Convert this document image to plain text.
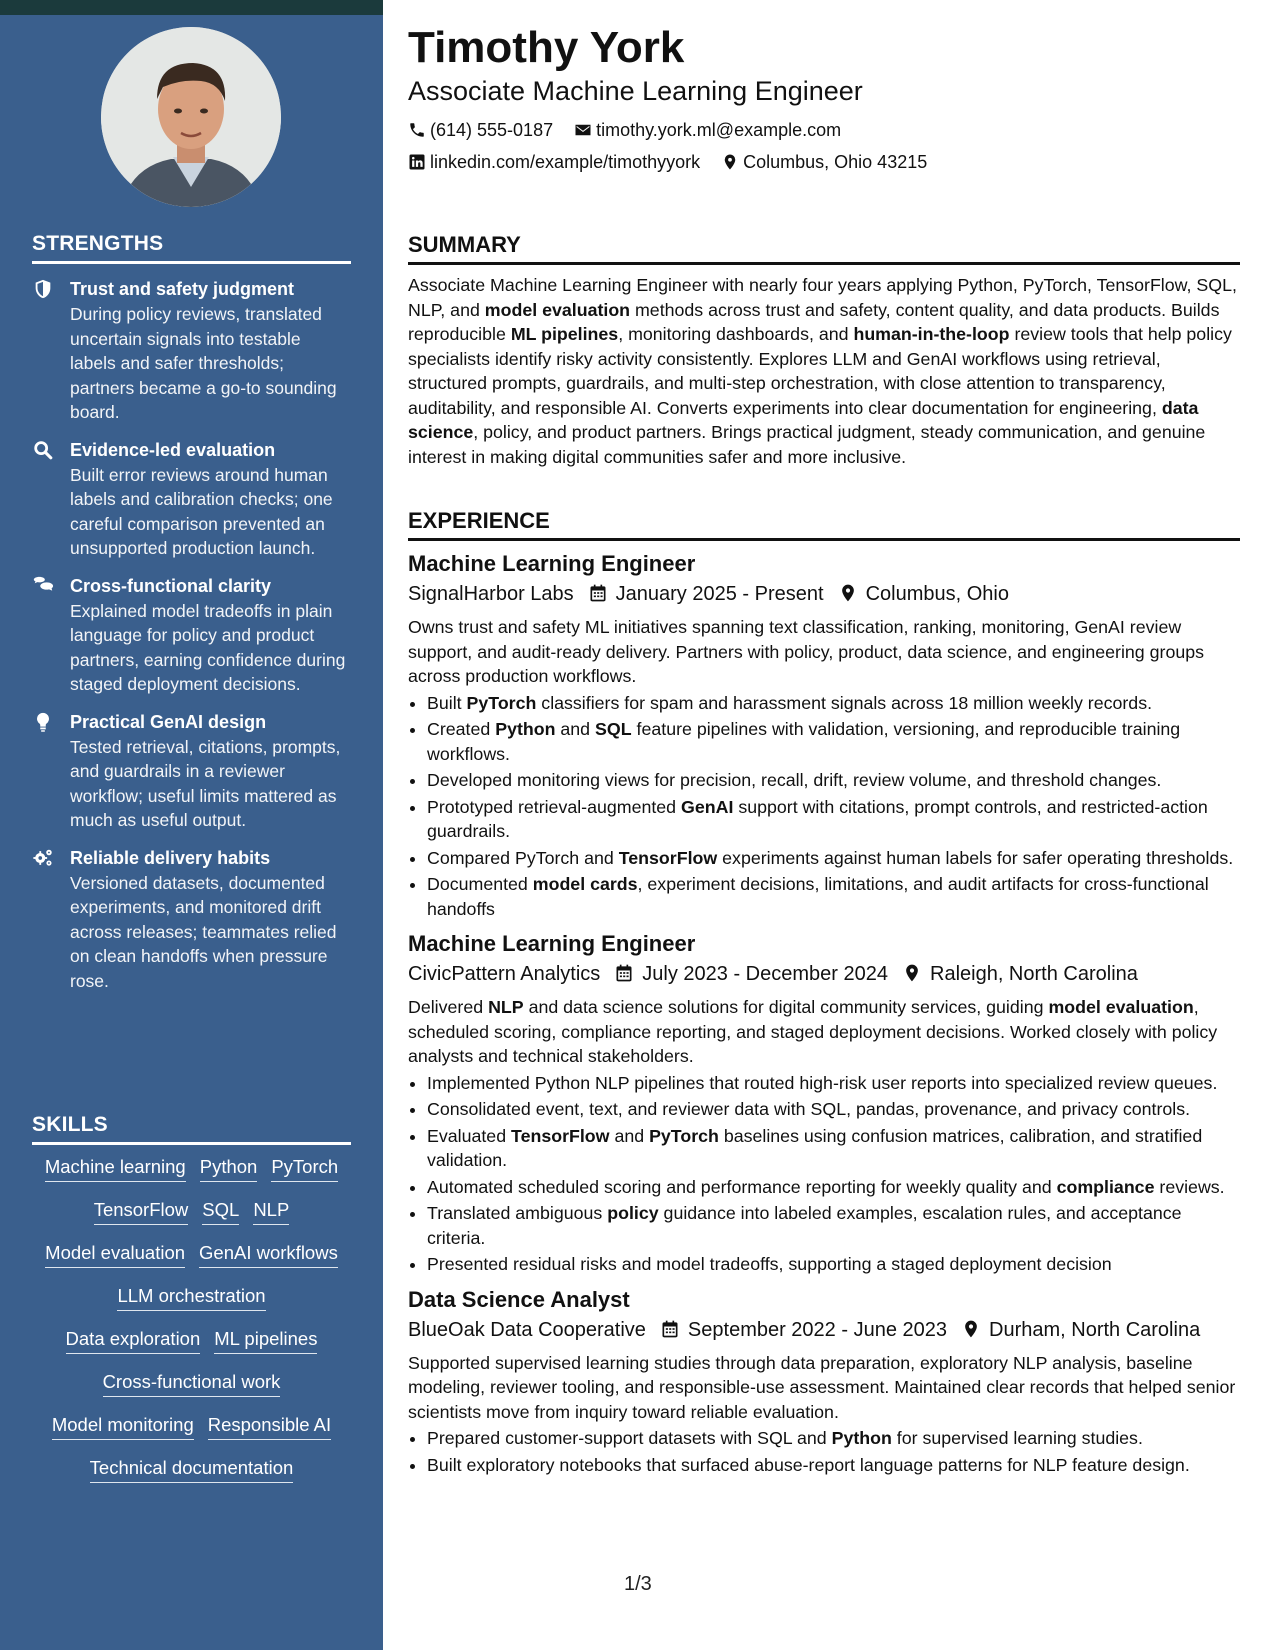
STRENGTHS
Trust and safety judgment
During policy reviews, translated uncertain signals into testable labels and safer thresholds; partners became a go-to sounding board.
Evidence-led evaluation
Built error reviews around human labels and calibration checks; one careful comparison prevented an unsupported production launch.
Cross-functional clarity
Explained model tradeoffs in plain language for policy and product partners, earning confidence during staged deployment decisions.
Practical GenAI design
Tested retrieval, citations, prompts, and guardrails in a reviewer workflow; useful limits mattered as much as useful output.
Reliable delivery habits
Versioned datasets, documented experiments, and monitored drift across releases; teammates relied on clean handoffs when pressure rose.
SKILLS
Machine learning Python PyTorch
TensorFlow SQL NLP
Model evaluation GenAI workflows
LLM orchestration
Data exploration ML pipelines
Cross-functional work
Model monitoring Responsible AI
Technical documentation
Timothy York
Associate Machine Learning Engineer
(614) 555-0187 timothy.york.ml@example.com
linkedin.com/example/timothyyork Columbus, Ohio 43215
SUMMARY
Associate Machine Learning Engineer with nearly four years applying Python, PyTorch, TensorFlow, SQL, NLP, and model evaluation methods across trust and safety, content quality, and data products. Builds reproducible ML pipelines, monitoring dashboards, and human-in-the-loop review tools that help policy specialists identify risky activity consistently. Explores LLM and GenAI workflows using retrieval, structured prompts, guardrails, and multi-step orchestration, with close attention to transparency, auditability, and responsible AI. Converts experiments into clear documentation for engineering, data science, policy, and product partners. Brings practical judgment, steady communication, and genuine interest in making digital communities safer and more inclusive.
EXPERIENCE
Machine Learning Engineer
SignalHarbor Labs January 2025 - Present Columbus, Ohio
Owns trust and safety ML initiatives spanning text classification, ranking, monitoring, GenAI review support, and audit-ready delivery. Partners with policy, product, data science, and engineering groups across production workflows.
• Built PyTorch classifiers for spam and harassment signals across 18 million weekly records.
• Created Python and SQL feature pipelines with validation, versioning, and reproducible training workflows.
• Developed monitoring views for precision, recall, drift, review volume, and threshold changes.
• Prototyped retrieval-augmented GenAI support with citations, prompt controls, and restricted-action guardrails.
• Compared PyTorch and TensorFlow experiments against human labels for safer operating thresholds.
• Documented model cards, experiment decisions, limitations, and audit artifacts for cross-functional handoffs
Machine Learning Engineer
CivicPattern Analytics July 2023 - December 2024 Raleigh, North Carolina
Delivered NLP and data science solutions for digital community services, guiding model evaluation, scheduled scoring, compliance reporting, and staged deployment decisions. Worked closely with policy analysts and technical stakeholders.
• Implemented Python NLP pipelines that routed high-risk user reports into specialized review queues.
• Consolidated event, text, and reviewer data with SQL, pandas, provenance, and privacy controls.
• Evaluated TensorFlow and PyTorch baselines using confusion matrices, calibration, and stratified validation.
• Automated scheduled scoring and performance reporting for weekly quality and compliance reviews.
• Translated ambiguous policy guidance into labeled examples, escalation rules, and acceptance criteria.
• Presented residual risks and model tradeoffs, supporting a staged deployment decision
Data Science Analyst
BlueOak Data Cooperative September 2022 - June 2023 Durham, North Carolina
Supported supervised learning studies through data preparation, exploratory NLP analysis, baseline modeling, reviewer tooling, and responsible-use assessment. Maintained clear records that helped senior scientists move from inquiry toward reliable evaluation.
• Prepared customer-support datasets with SQL and Python for supervised learning studies.
• Built exploratory notebooks that surfaced abuse-report language patterns for NLP feature design.
1/3
